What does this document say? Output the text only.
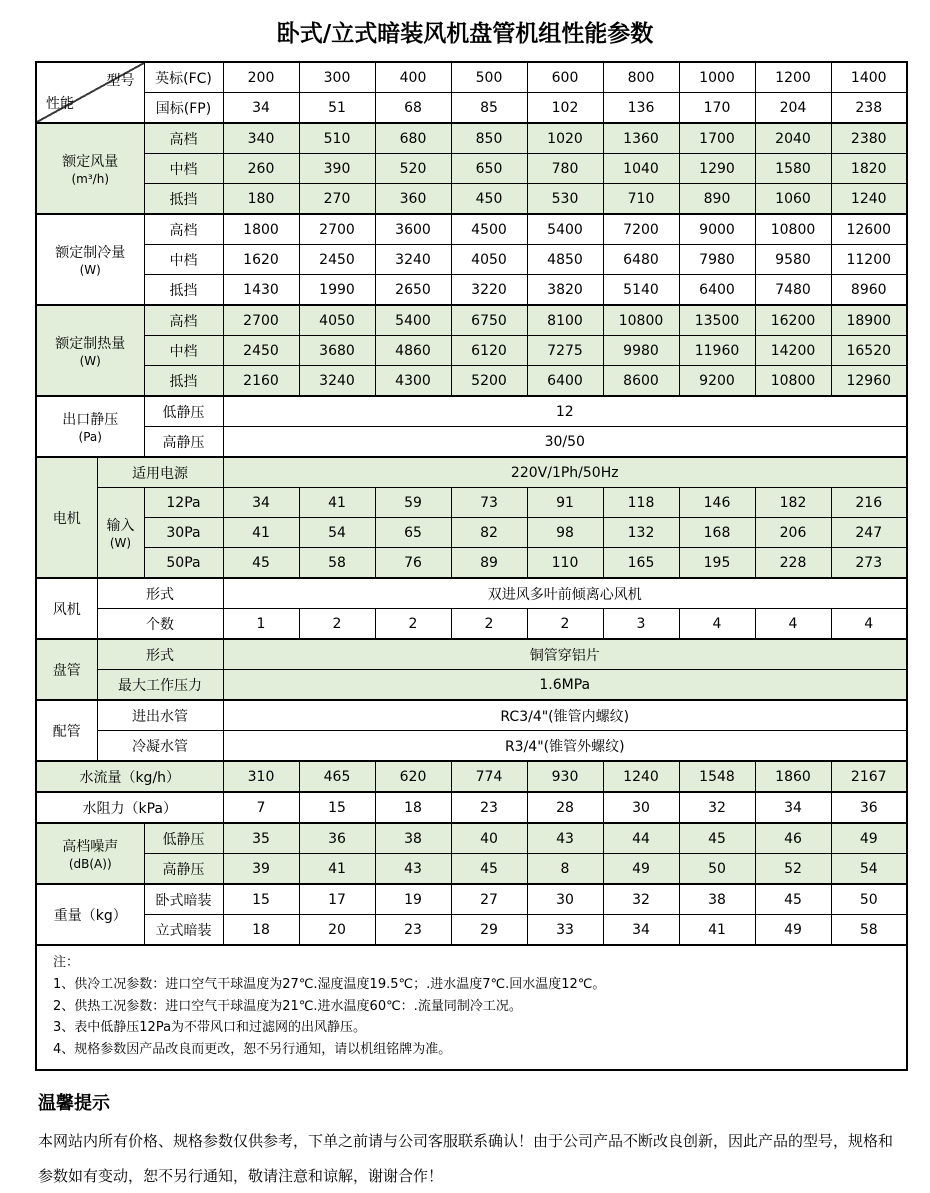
卧式/立式暗装风机盘管机组性能参数
型号
性能		英标(FC)	200	300	400	500	600	800	1000	1200	1400
		国标(FP)	34	51	68	85	102	136	170	204	238
额定风量
(m³/h)		高档	340	510	680	850	1020	1360	1700	2040	2380
		中档	260	390	520	650	780	1040	1290	1580	1820
		抵挡	180	270	360	450	530	710	890	1060	1240
额定制冷量
(W)		高档	1800	2700	3600	4500	5400	7200	9000	10800	12600
		中档	1620	2450	3240	4050	4850	6480	7980	9580	11200
		抵挡	1430	1990	2650	3220	3820	5140	6400	7480	8960
额定制热量
(W)		高档	2700	4050	5400	6750	8100	10800	13500	16200	18900
		中档	2450	3680	4860	6120	7275	9980	11960	14200	16520
		抵挡	2160	3240	4300	5200	6400	8600	9200	10800	12960
出口静压
(Pa)		低静压	12								
		高静压	30/50								
电机	适用电源		220V/1Ph/50Hz								
	输入
(W)	12Pa	34	41	59	73	91	118	146	182	216
		30Pa	41	54	65	82	98	132	168	206	247
		50Pa	45	58	76	89	110	165	195	228	273
风机	形式		双进风多叶前倾离心风机								
	个数		1	2	2	2	2	3	4	4	4
盘管	形式		铜管穿铝片								
	最大工作压力		1.6MPa								
配管	进出水管		RC3/4"(锥管内螺纹)								
	冷凝水管		R3/4"(锥管外螺纹)								
水流量（kg/h）			310	465	620	774	930	1240	1548	1860	2167
水阻力（kPa）			7	15	18	23	28	30	32	34	36
高档噪声
(dB(A))		低静压	35	36	38	40	43	44	45	46	49
		高静压	39	41	43	45	8	49	50	52	54
重量（kg）		卧式暗装	15	17	19	27	30	32	38	45	50
		立式暗装	18	20	23	29	33	34	41	49	58

注：
1、供冷工况参数：进口空气干球温度为27℃.湿度温度19.5℃；.进水温度7℃.回水温度12℃。
2、供热工况参数：进口空气干球温度为21℃.进水温度60℃：.流量同制冷工况。
3、表中低静压12Pa为不带风口和过滤网的出风静压。
4、规格参数因产品改良而更改，恕不另行通知，请以机组铭牌为准。											
温馨提示
本网站内所有价格、规格参数仅供参考，下单之前请与公司客服联系确认！由于公司产品不断改良创新，因此产品的型号，规格和参数如有变动，恕不另行通知，敬请注意和谅解，谢谢合作！
